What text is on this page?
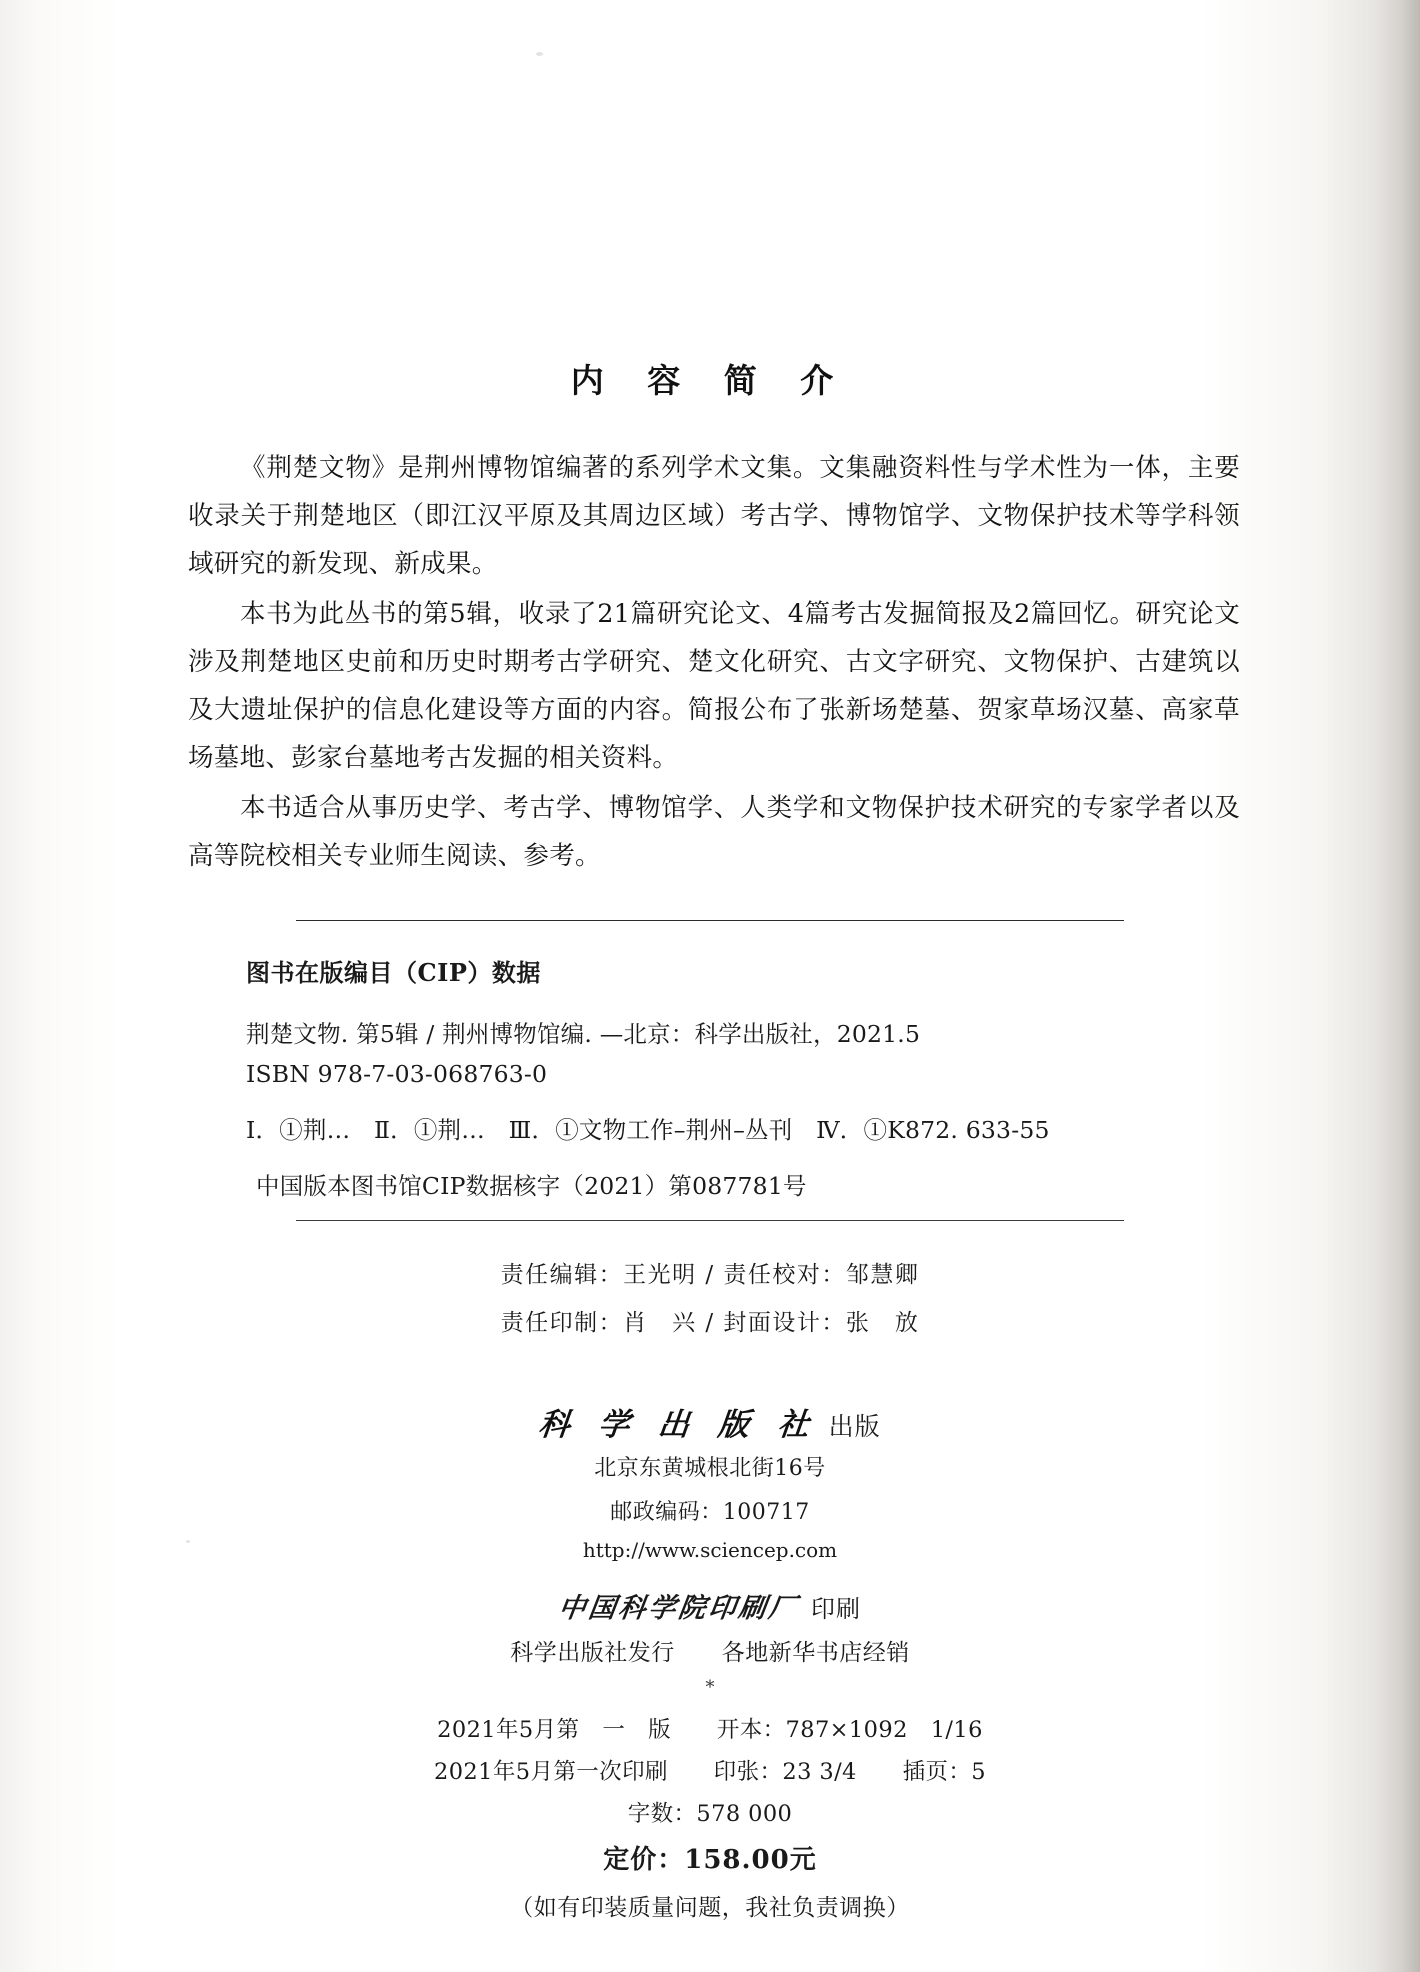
内 容 简 介

《荆楚文物》是荆州博物馆编著的系列学术文集。文集融资料性与学术性为一体，主要收录关于荆楚地区（即江汉平原及其周边区域）考古学、博物馆学、文物保护技术等学科领域研究的新发现、新成果。

本书为此丛书的第5辑，收录了21篇研究论文、4篇考古发掘简报及2篇回忆。研究论文涉及荆楚地区史前和历史时期考古学研究、楚文化研究、古文字研究、文物保护、古建筑以及大遗址保护的信息化建设等方面的内容。简报公布了张新场楚墓、贺家草场汉墓、高家草场墓地、彭家台墓地考古发掘的相关资料。

本书适合从事历史学、考古学、博物馆学、人类学和文物保护技术研究的专家学者以及高等院校相关专业师生阅读、参考。

图书在版编目（CIP）数据
荆楚文物. 第5辑 / 荆州博物馆编. —北京：科学出版社，2021.5
ISBN 978-7-03-068763-0
Ⅰ．①荆…　Ⅱ．①荆…　Ⅲ．①文物工作–荆州–丛刊　Ⅳ．①K872. 633-55
中国版本图书馆CIP数据核字（2021）第087781号
责任编辑：王光明 / 责任校对：邹慧卿
责任印制：肖　兴 / 封面设计：张　放
科 学 出 版 社 出版
北京东黄城根北街16号
邮政编码：100717
http://www.sciencep.com
中国科学院印刷厂 印刷
科学出版社发行　　各地新华书店经销
*
2021年5月第　一　版　　开本：787×1092　1/16
2021年5月第一次印刷　　印张：23 3/4　　插页：5
字数：578 000
定价：158.00元
（如有印装质量问题，我社负责调换）
